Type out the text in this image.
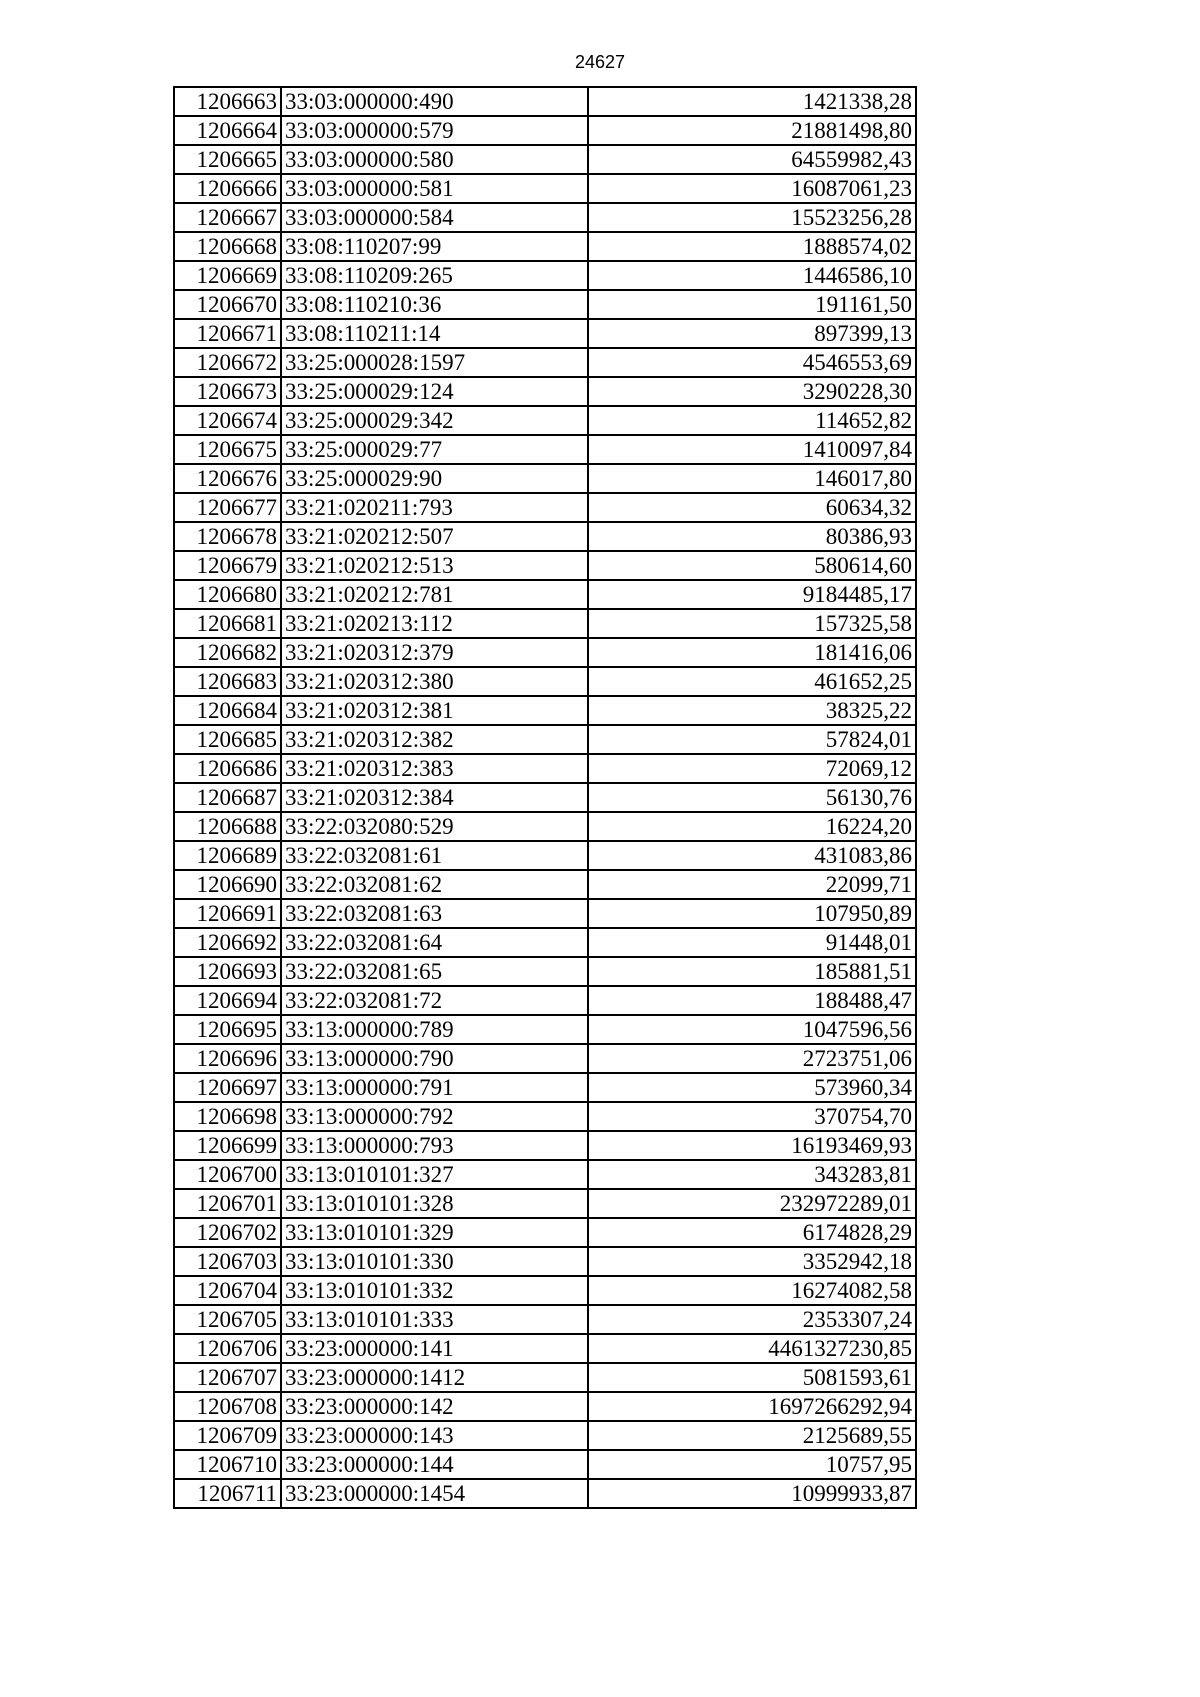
24627
1206663	33:03:000000:490	1421338,28
1206664	33:03:000000:579	21881498,80
1206665	33:03:000000:580	64559982,43
1206666	33:03:000000:581	16087061,23
1206667	33:03:000000:584	15523256,28
1206668	33:08:110207:99	1888574,02
1206669	33:08:110209:265	1446586,10
1206670	33:08:110210:36	191161,50
1206671	33:08:110211:14	897399,13
1206672	33:25:000028:1597	4546553,69
1206673	33:25:000029:124	3290228,30
1206674	33:25:000029:342	114652,82
1206675	33:25:000029:77	1410097,84
1206676	33:25:000029:90	146017,80
1206677	33:21:020211:793	60634,32
1206678	33:21:020212:507	80386,93
1206679	33:21:020212:513	580614,60
1206680	33:21:020212:781	9184485,17
1206681	33:21:020213:112	157325,58
1206682	33:21:020312:379	181416,06
1206683	33:21:020312:380	461652,25
1206684	33:21:020312:381	38325,22
1206685	33:21:020312:382	57824,01
1206686	33:21:020312:383	72069,12
1206687	33:21:020312:384	56130,76
1206688	33:22:032080:529	16224,20
1206689	33:22:032081:61	431083,86
1206690	33:22:032081:62	22099,71
1206691	33:22:032081:63	107950,89
1206692	33:22:032081:64	91448,01
1206693	33:22:032081:65	185881,51
1206694	33:22:032081:72	188488,47
1206695	33:13:000000:789	1047596,56
1206696	33:13:000000:790	2723751,06
1206697	33:13:000000:791	573960,34
1206698	33:13:000000:792	370754,70
1206699	33:13:000000:793	16193469,93
1206700	33:13:010101:327	343283,81
1206701	33:13:010101:328	232972289,01
1206702	33:13:010101:329	6174828,29
1206703	33:13:010101:330	3352942,18
1206704	33:13:010101:332	16274082,58
1206705	33:13:010101:333	2353307,24
1206706	33:23:000000:141	4461327230,85
1206707	33:23:000000:1412	5081593,61
1206708	33:23:000000:142	1697266292,94
1206709	33:23:000000:143	2125689,55
1206710	33:23:000000:144	10757,95
1206711	33:23:000000:1454	10999933,87
